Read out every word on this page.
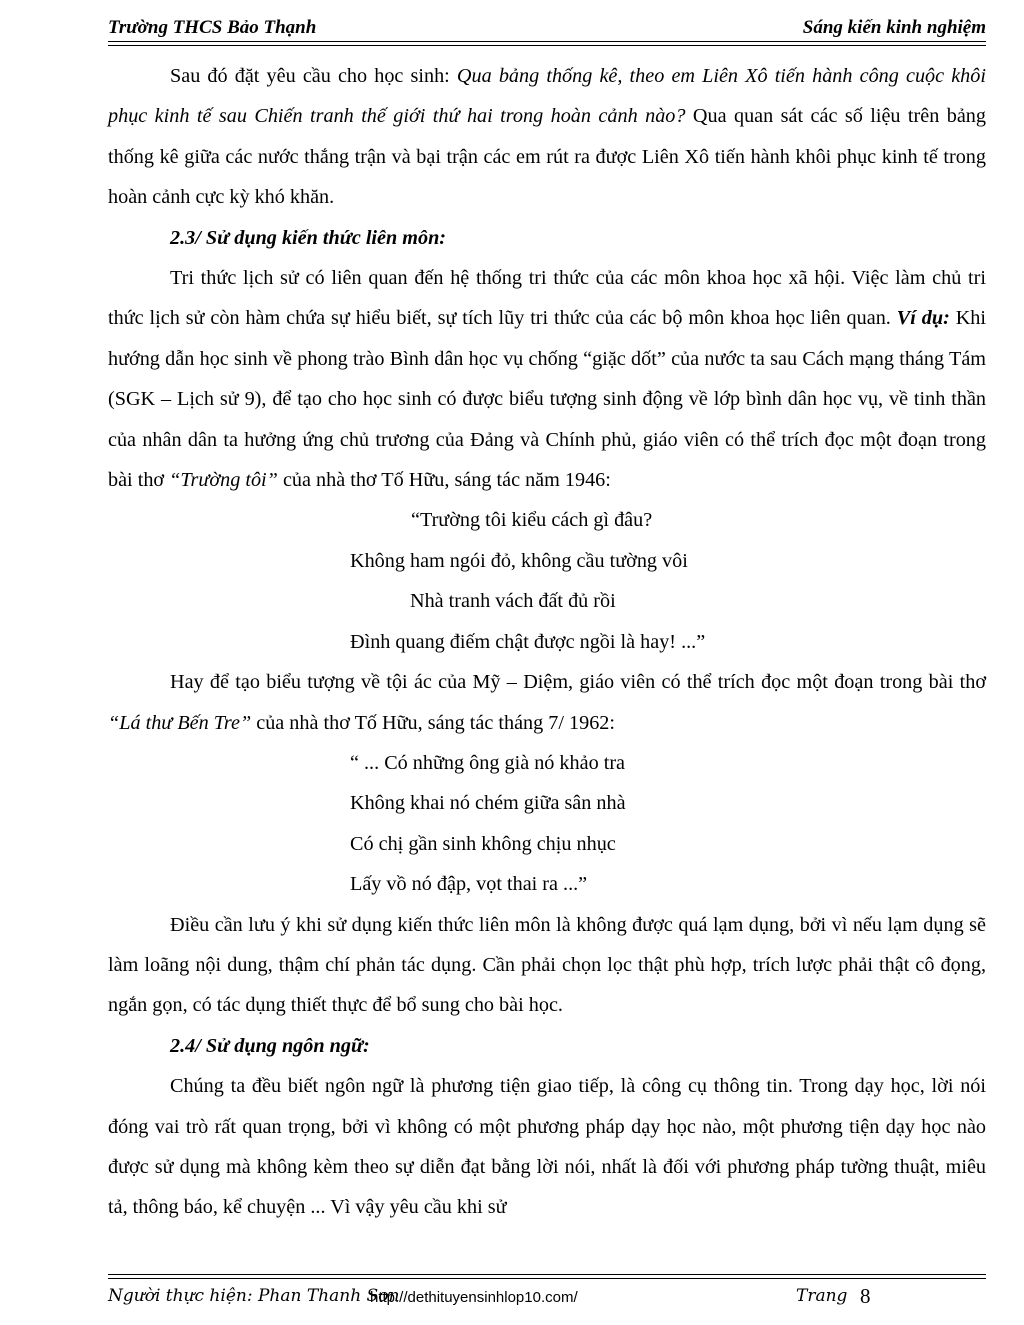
Trường THCS Bảo Thạnh	Sáng kiến kinh nghiệm

Sau đó đặt yêu cầu cho học sinh: Qua bảng thống kê, theo em Liên Xô tiến hành công cuộc khôi phục kinh tế sau Chiến tranh thế giới thứ hai trong hoàn cảnh nào? Qua quan sát các số liệu trên bảng thống kê giữa các nước thắng trận và bại trận các em rút ra được Liên Xô tiến hành khôi phục kinh tế trong hoàn cảnh cực kỳ khó khăn.

2.3/ Sử dụng kiến thức liên môn:

Tri thức lịch sử có liên quan đến hệ thống tri thức của các môn khoa học xã hội. Việc làm chủ tri thức lịch sử còn hàm chứa sự hiểu biết, sự tích lũy tri thức của các bộ môn khoa học liên quan. Ví dụ: Khi hướng dẫn học sinh về phong trào Bình dân học vụ chống “giặc dốt” của nước ta sau Cách mạng tháng Tám (SGK – Lịch sử 9), để tạo cho học sinh có được biểu tượng sinh động về lớp bình dân học vụ, về tinh thần của nhân dân ta hưởng ứng chủ trương của Đảng và Chính phủ, giáo viên có thể trích đọc một đoạn trong bài thơ “Trường tôi” của nhà thơ Tố Hữu, sáng tác năm 1946:

“Trường tôi kiểu cách gì đâu?
Không ham ngói đỏ, không cầu tường vôi
Nhà tranh vách đất đủ rồi
Đình quang điếm chật được ngồi là hay! ...”

Hay để tạo biểu tượng về tội ác của Mỹ – Diệm, giáo viên có thể trích đọc một đoạn trong bài thơ “Lá thư Bến Tre” của nhà thơ Tố Hữu, sáng tác tháng 7/ 1962:

“ ... Có những ông già nó khảo tra
Không khai nó chém giữa sân nhà
Có chị gần sinh không chịu nhục
Lấy vồ nó đập, vọt thai ra ...”

Điều cần lưu ý khi sử dụng kiến thức liên môn là không được quá lạm dụng, bởi vì nếu lạm dụng sẽ làm loãng nội dung, thậm chí phản tác dụng. Cần phải chọn lọc thật phù hợp, trích lược phải thật cô đọng, ngắn gọn, có tác dụng thiết thực để bổ sung cho bài học.

2.4/ Sử dụng ngôn ngữ:

Chúng ta đều biết ngôn ngữ là phương tiện giao tiếp, là công cụ thông tin. Trong dạy học, lời nói đóng vai trò rất quan trọng, bởi vì không có một phương pháp dạy học nào, một phương tiện dạy học nào được sử dụng mà không kèm theo sự diễn đạt bằng lời nói, nhất là đối với phương pháp tường thuật, miêu tả, thông báo, kể chuyện ... Vì vậy yêu cầu khi sử

Người thực hiện: Phan Thanh Sơn
http://dethituyensinhlop10.com/	Trang 8
